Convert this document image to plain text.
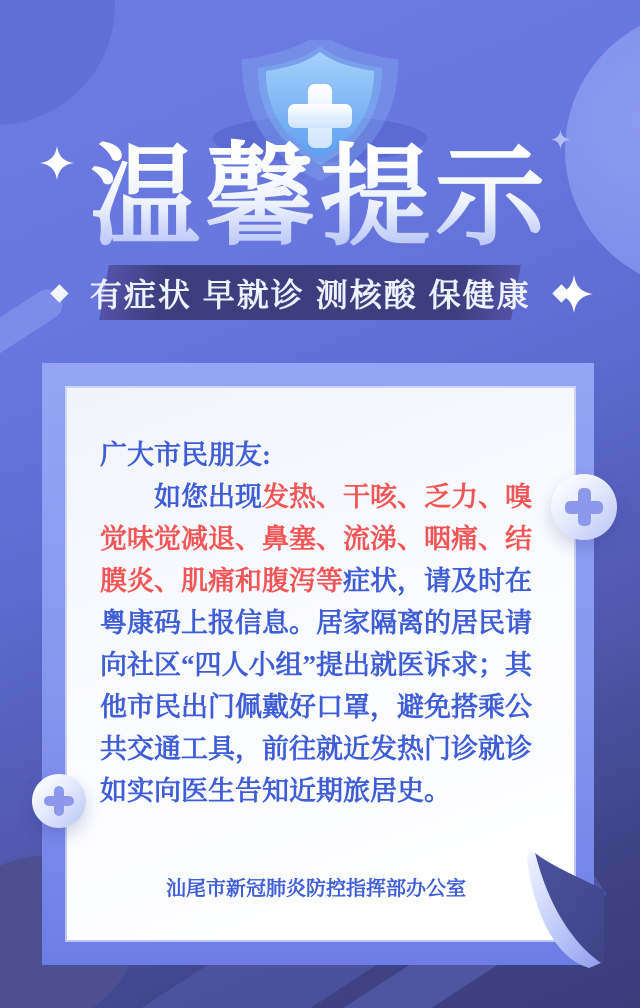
温馨提示
有症状 早就诊 测核酸 保健康
广大市民朋友:

如您出现发热、干咳、乏力、嗅觉味觉减退、鼻塞、流涕、咽痛、结膜炎、肌痛和腹泻等症状，请及时在粤康码上报信息。居家隔离的居民请向社区“四人小组”提出就医诉求；其他市民出门佩戴好口罩，避免搭乘公共交通工具，前往就近发热门诊就诊如实向医生告知近期旅居史。

汕尾市新冠肺炎防控指挥部办公室
